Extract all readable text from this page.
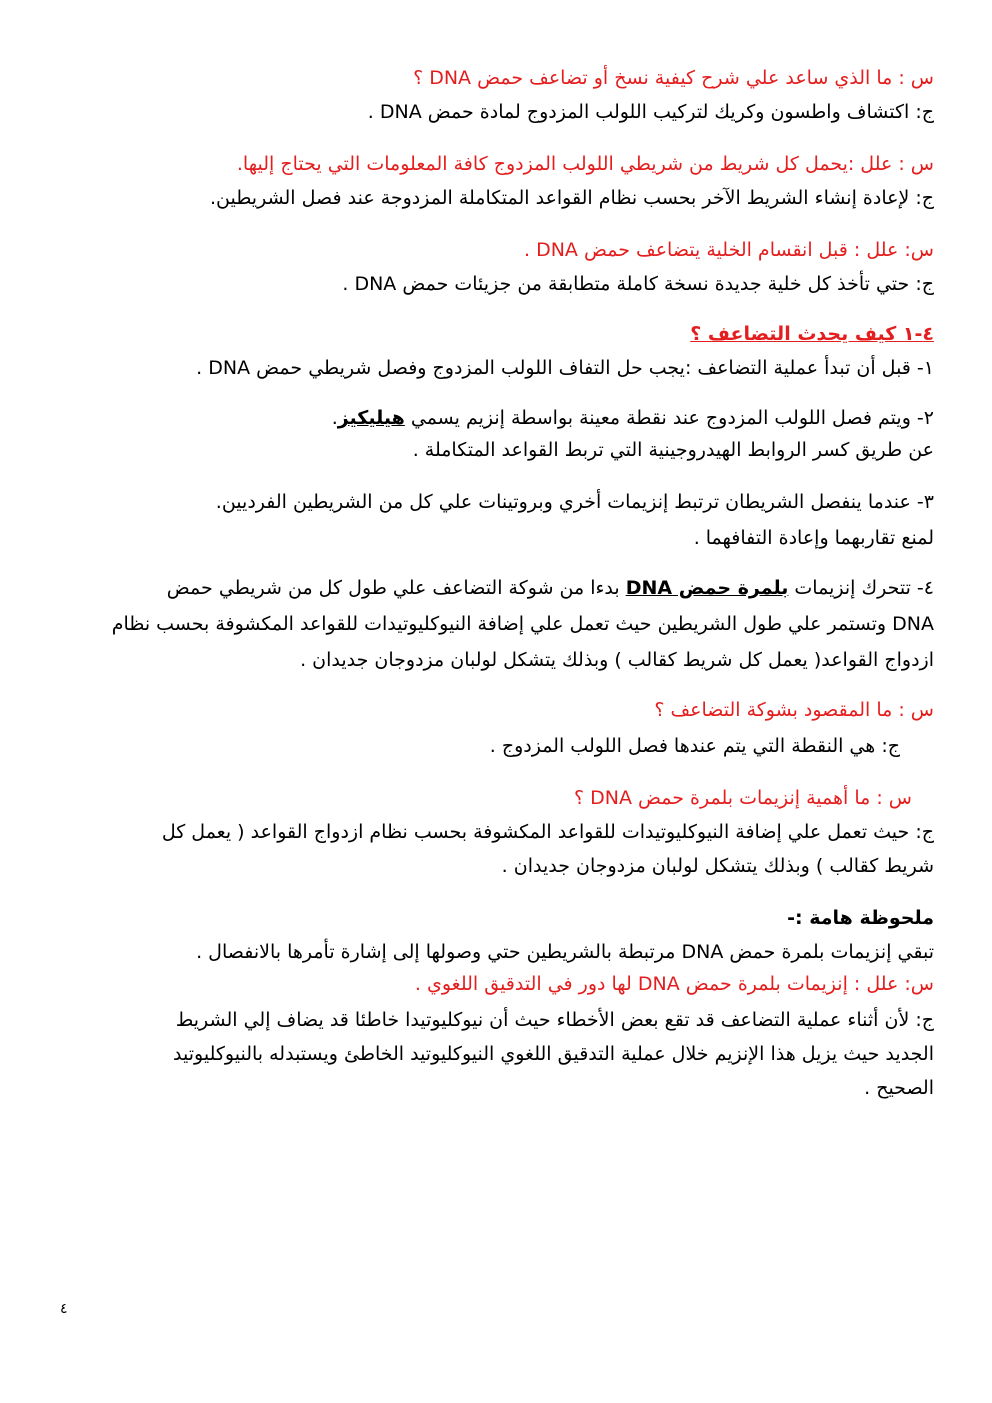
س : ما الذي ساعد علي شرح كيفية نسخ أو تضاعف حمض DNA ؟
ج: اكتشاف واطسون وكريك لتركيب اللولب المزدوج لمادة حمض DNA .
س : علل :يحمل كل شريط من شريطي اللولب المزدوج كافة المعلومات التي يحتاج إليها.
ج: لإعادة إنشاء الشريط الآخر بحسب نظام القواعد المتكاملة المزدوجة عند فصل الشريطين.
س: علل : قبل انقسام الخلية يتضاعف حمض DNA .
ج: حتي تأخذ كل خلية جديدة نسخة كاملة متطابقة من جزيئات حمض DNA .
٤-١ كيف يحدث التضاعف ؟
١- قبل أن تبدأ عملية التضاعف :يجب حل التفاف اللولب المزدوج وفصل شريطي حمض DNA .
٢- ويتم فصل اللولب المزدوج عند نقطة معينة بواسطة إنزيم يسمي هيليكيز.
عن طريق كسر الروابط الهيدروجينية التي تربط القواعد المتكاملة .
٣- عندما ينفصل الشريطان ترتبط إنزيمات أخري وبروتينات علي كل من الشريطين الفرديين.
لمنع تقاربهما وإعادة التفافهما .
٤- تتحرك إنزيمات بلمرة حمض DNA بدءا من شوكة التضاعف علي طول كل من شريطي حمض
DNA وتستمر علي طول الشريطين حيث تعمل علي إضافة النيوكليوتيدات للقواعد المكشوفة بحسب نظام
ازدواج القواعد( يعمل كل شريط كقالب ) وبذلك يتشكل لولبان مزدوجان جديدان .
س : ما المقصود بشوكة التضاعف ؟
ج: هي النقطة التي يتم عندها فصل اللولب المزدوج .
س : ما أهمية إنزيمات بلمرة حمض DNA ؟
ج: حيث تعمل علي إضافة النيوكليوتيدات للقواعد المكشوفة بحسب نظام ازدواج القواعد ( يعمل كل
شريط كقالب ) وبذلك يتشكل لولبان مزدوجان جديدان .
ملحوظة هامة :-
تبقي إنزيمات بلمرة حمض DNA مرتبطة بالشريطين حتي وصولها إلى إشارة تأمرها بالانفصال .
س: علل : إنزيمات بلمرة حمض DNA لها دور في التدقيق اللغوي .
ج: لأن أثناء عملية التضاعف قد تقع بعض الأخطاء حيث أن نيوكليوتيدا خاطئا قد يضاف إلي الشريط
الجديد حيث يزيل هذا الإنزيم خلال عملية التدقيق اللغوي النيوكليوتيد الخاطئ ويستبدله بالنيوكليوتيد
الصحيح .
٤
